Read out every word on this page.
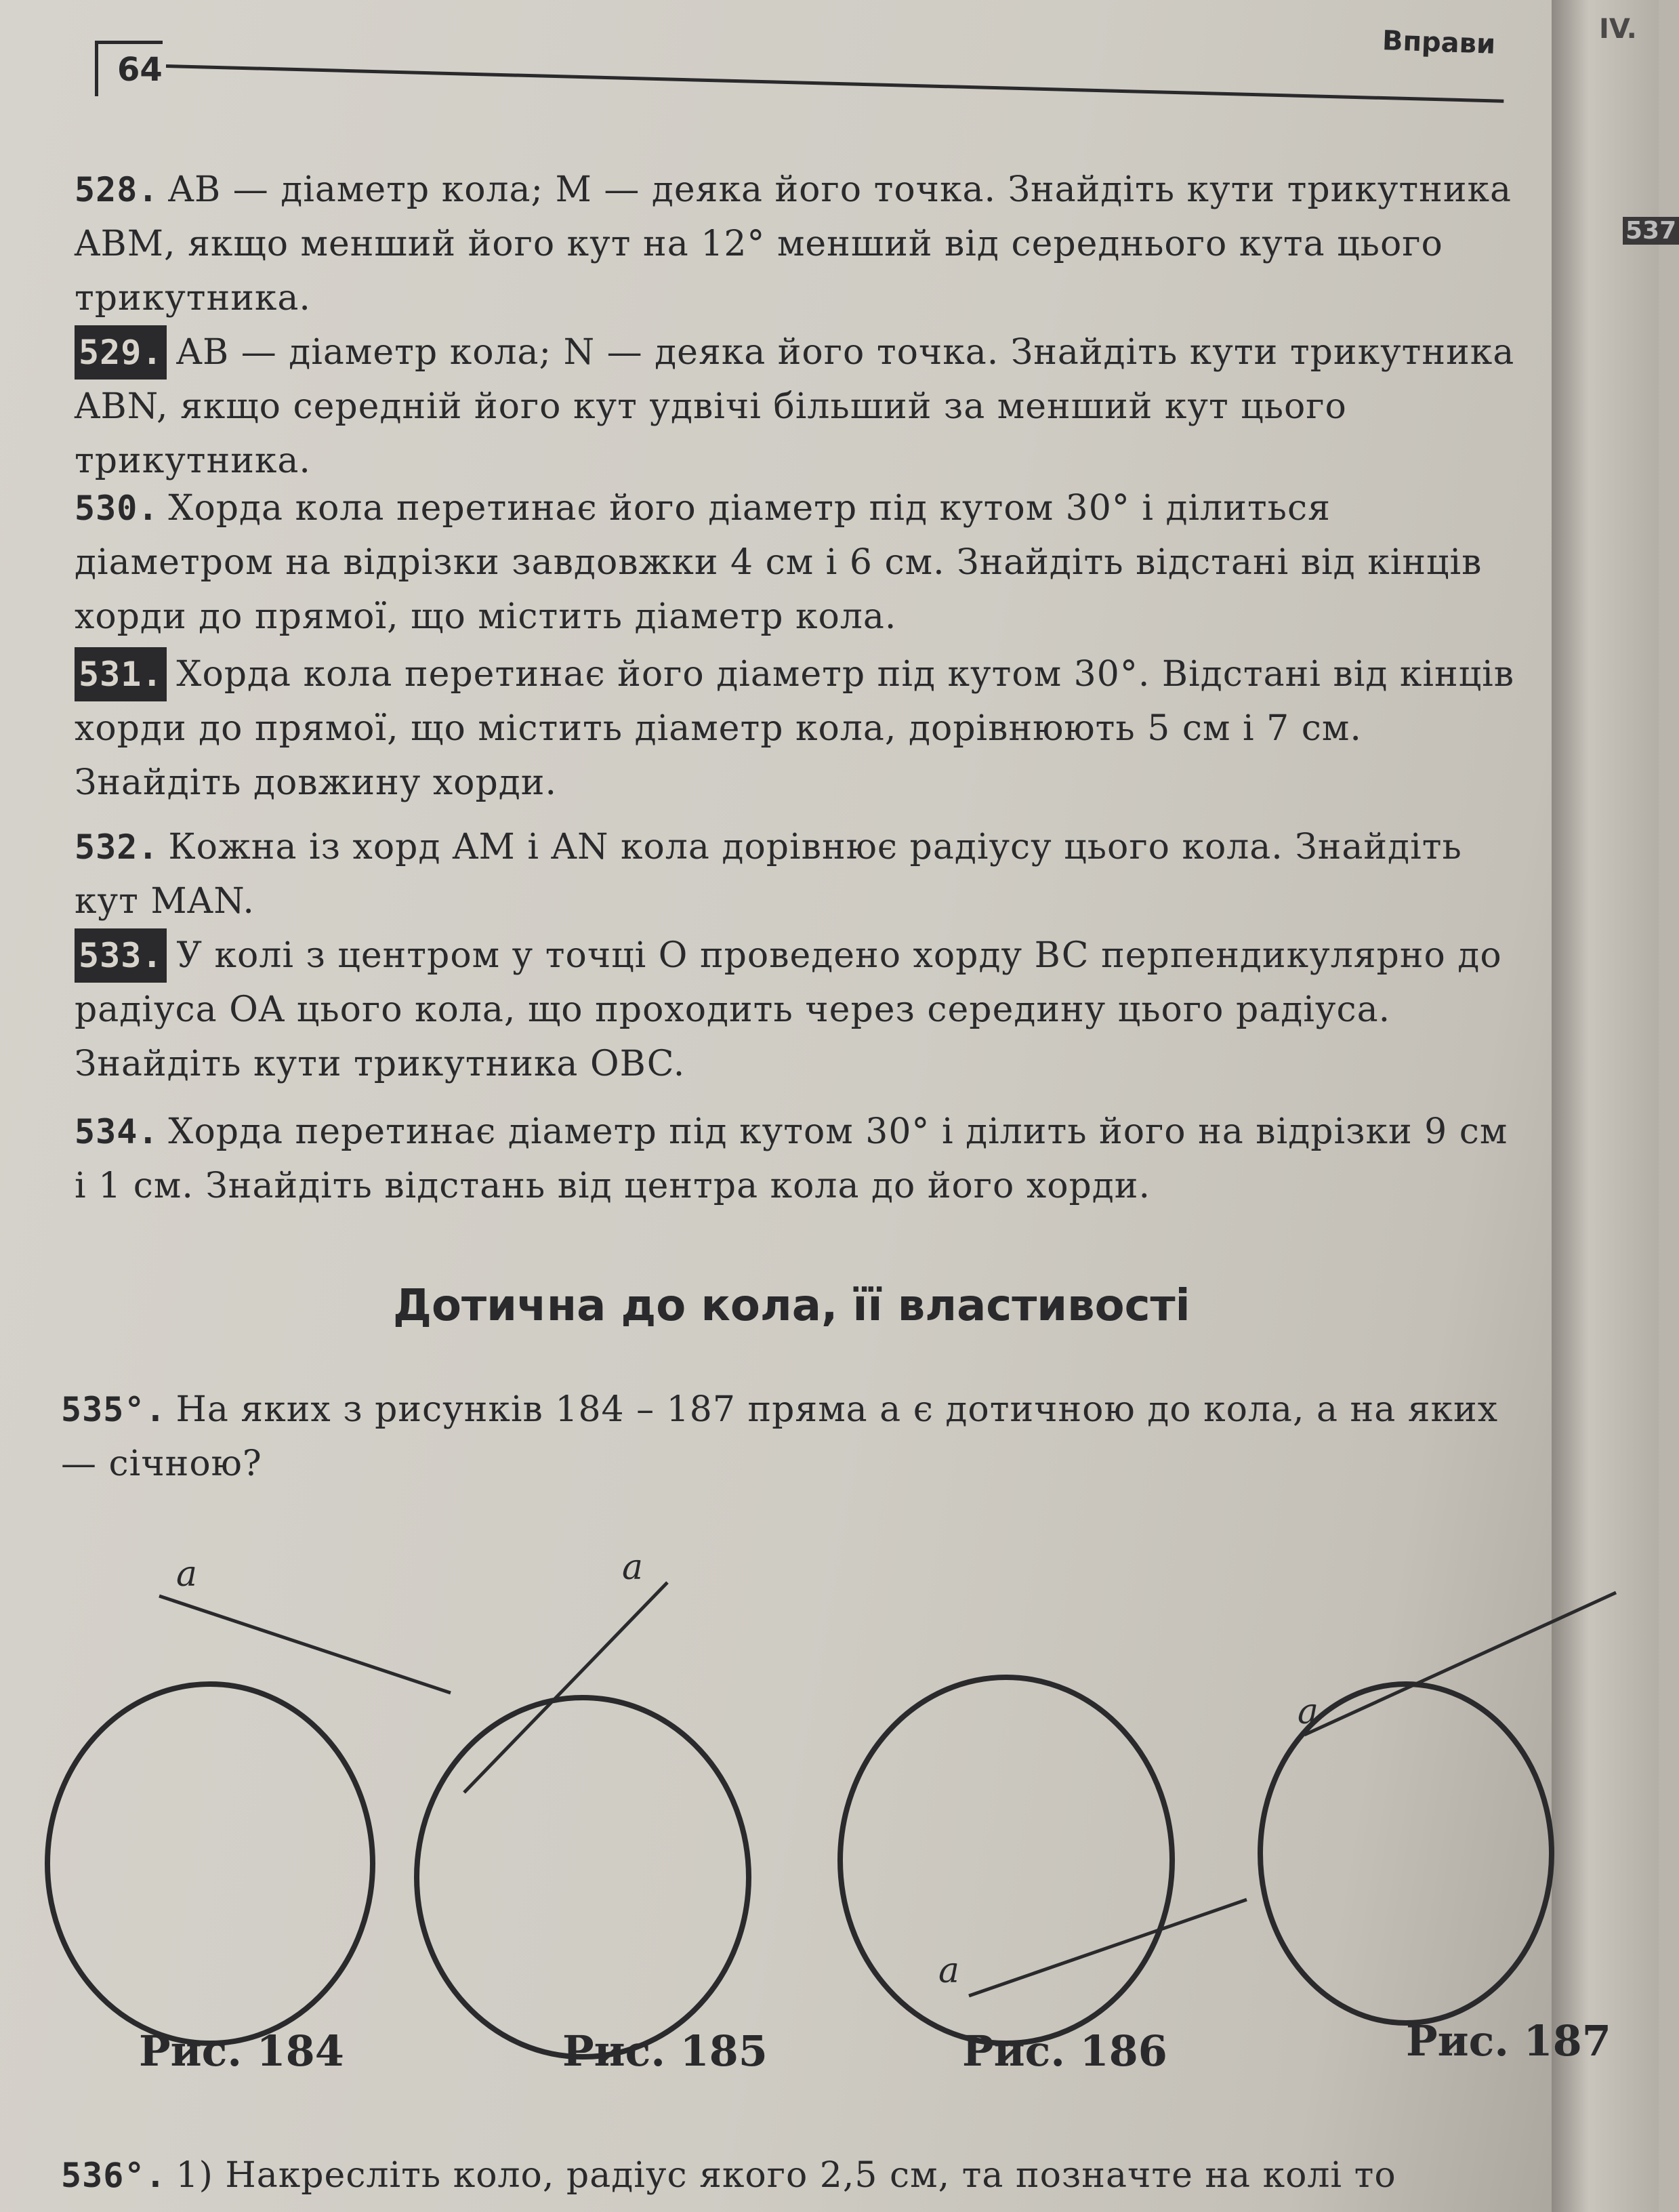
IV.
537
64
Вправи
528. AB — діаметр кола; M — деяка його точка. Знайдіть кути трикутника ABM, якщо менший його кут на 12° менший від середнього кута цього трикутника.
529. AB — діаметр кола; N — деяка його точка. Знайдіть кути трикутника ABN, якщо середній його кут удвічі більший за менший кут цього трикутника.
530. Хорда кола перетинає його діаметр під кутом 30° і ділиться діаметром на відрізки завдовжки 4 см і 6 см. Знайдіть відстані від кінців хорди до прямої, що містить діаметр кола.
531. Хорда кола перетинає його діаметр під кутом 30°. Відстані від кінців хорди до прямої, що містить діаметр кола, дорівнюють 5 см і 7 см. Знайдіть довжину хорди.
532. Кожна із хорд AM і AN кола дорівнює радіусу цього кола. Знайдіть кут MAN.
533. У колі з центром у точці O проведено хорду BC перпендикулярно до радіуса OA цього кола, що проходить через середину цього радіуса. Знайдіть кути трикутника OBC.
534. Хорда перетинає діаметр під кутом 30° і ділить його на відрізки 9 см і 1 см. Знайдіть відстань від центра кола до його хорди.
Дотична до кола, її властивості
535°. На яких з рисунків 184 – 187 пряма a є дотичною до кола, а на яких — січною?
a	a
a
a
Рис. 184	Рис. 185	Рис. 186	Рис. 187
536°. 1) Накресліть коло, радіус якого 2,5 см, та позначте на колі то
